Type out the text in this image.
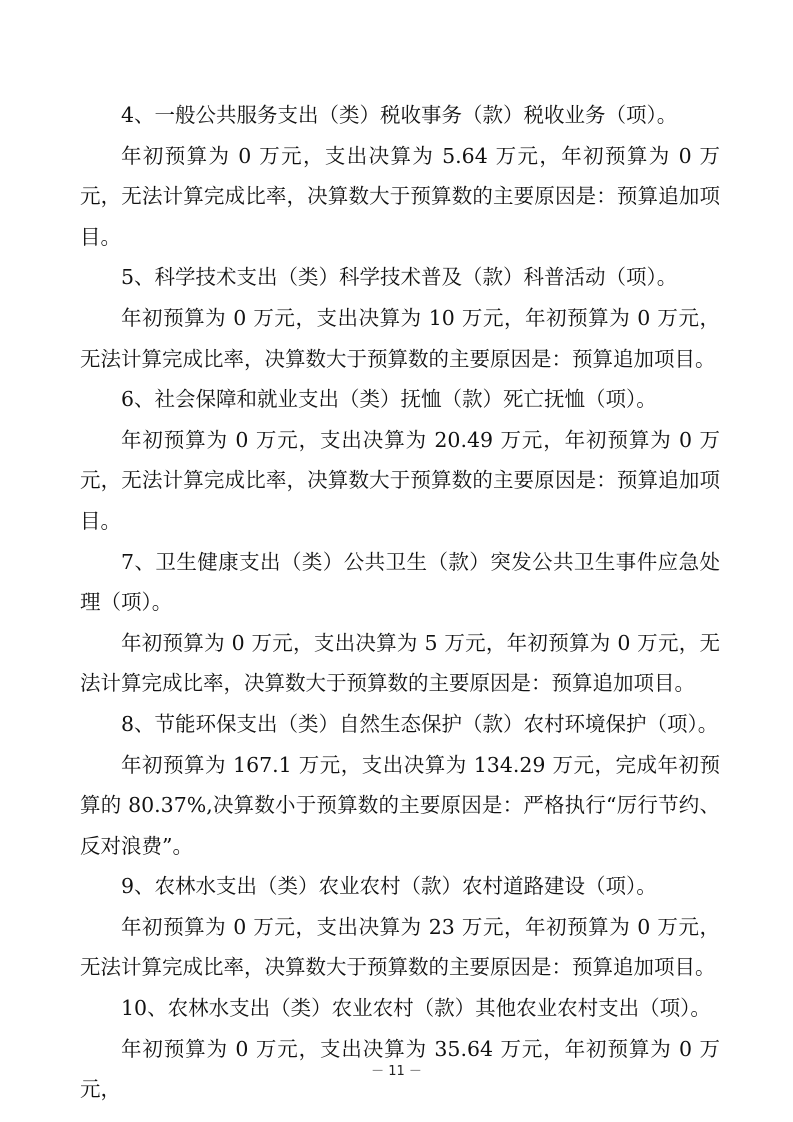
4、一般公共服务支出（类）税收事务（款）税收业务（项）。

年初预算为 0 万元，支出决算为 5.64 万元，年初预算为 0 万元，无法计算完成比率，决算数大于预算数的主要原因是：预算追加项目。

5、科学技术支出（类）科学技术普及（款）科普活动（项）。

年初预算为 0 万元，支出决算为 10 万元，年初预算为 0 万元，无法计算完成比率，决算数大于预算数的主要原因是：预算追加项目。

6、社会保障和就业支出（类）抚恤（款）死亡抚恤（项）。

年初预算为 0 万元，支出决算为 20.49 万元，年初预算为 0 万元，无法计算完成比率，决算数大于预算数的主要原因是：预算追加项目。

7、卫生健康支出（类）公共卫生（款）突发公共卫生事件应急处理（项）。

年初预算为 0 万元，支出决算为 5 万元，年初预算为 0 万元，无法计算完成比率，决算数大于预算数的主要原因是：预算追加项目。

8、节能环保支出（类）自然生态保护（款）农村环境保护（项）。

年初预算为 167.1 万元，支出决算为 134.29 万元，完成年初预算的 80.37%,决算数小于预算数的主要原因是：严格执行“厉行节约、反对浪费”。

9、农林水支出（类）农业农村（款）农村道路建设（项）。

年初预算为 0 万元，支出决算为 23 万元，年初预算为 0 万元，无法计算完成比率，决算数大于预算数的主要原因是：预算追加项目。

10、农林水支出（类）农业农村（款）其他农业农村支出（项）。

年初预算为 0 万元，支出决算为 35.64 万元，年初预算为 0 万元，

－ 11 －
